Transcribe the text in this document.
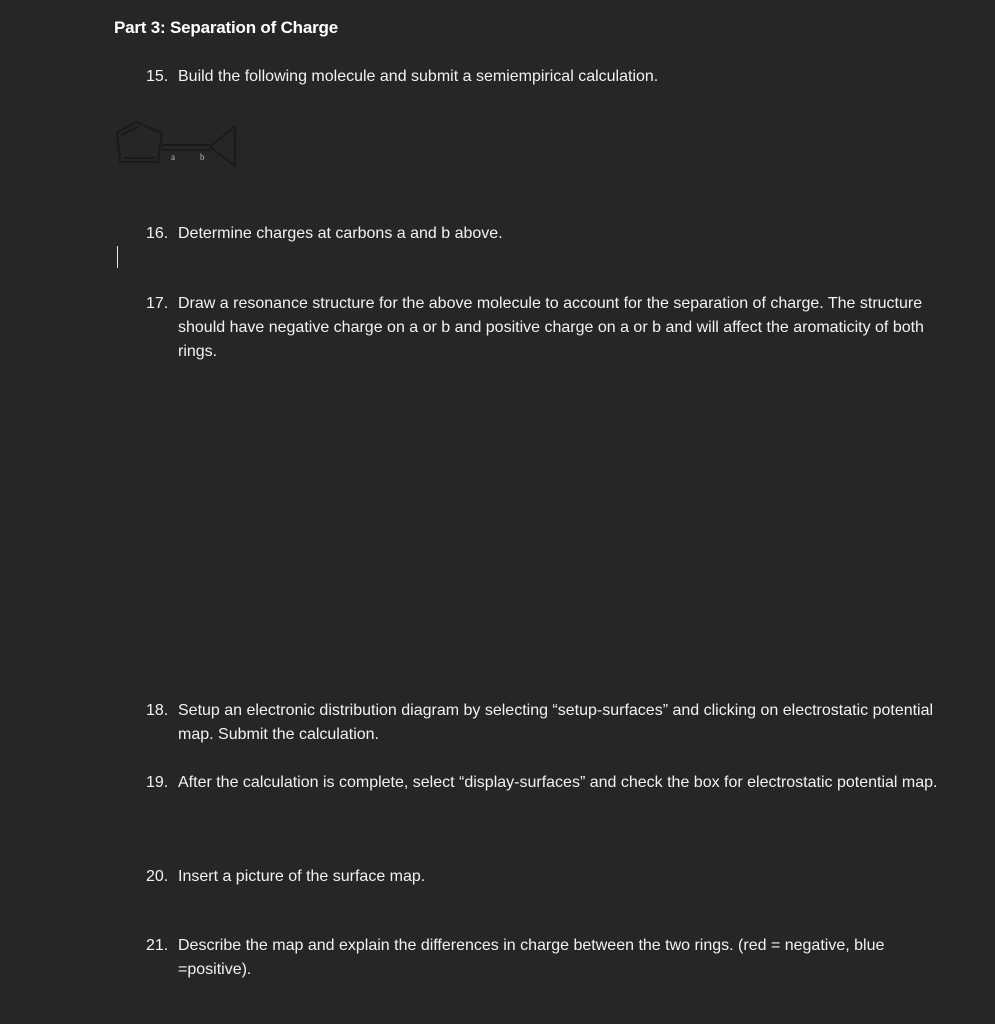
Part 3: Separation of Charge
15. Build the following molecule and submit a semiempirical calculation.
a	b
16. Determine charges at carbons a and b above.
17. Draw a resonance structure for the above molecule to account for the separation of charge. The structure should have negative charge on a or b and positive charge on a or b and will affect the aromaticity of both rings.
18. Setup an electronic distribution diagram by selecting “setup-surfaces” and clicking on electrostatic potential map. Submit the calculation.
19. After the calculation is complete, select “display-surfaces” and check the box for electrostatic potential map.
20. Insert a picture of the surface map.
21. Describe the map and explain the differences in charge between the two rings. (red = negative, blue =positive).
